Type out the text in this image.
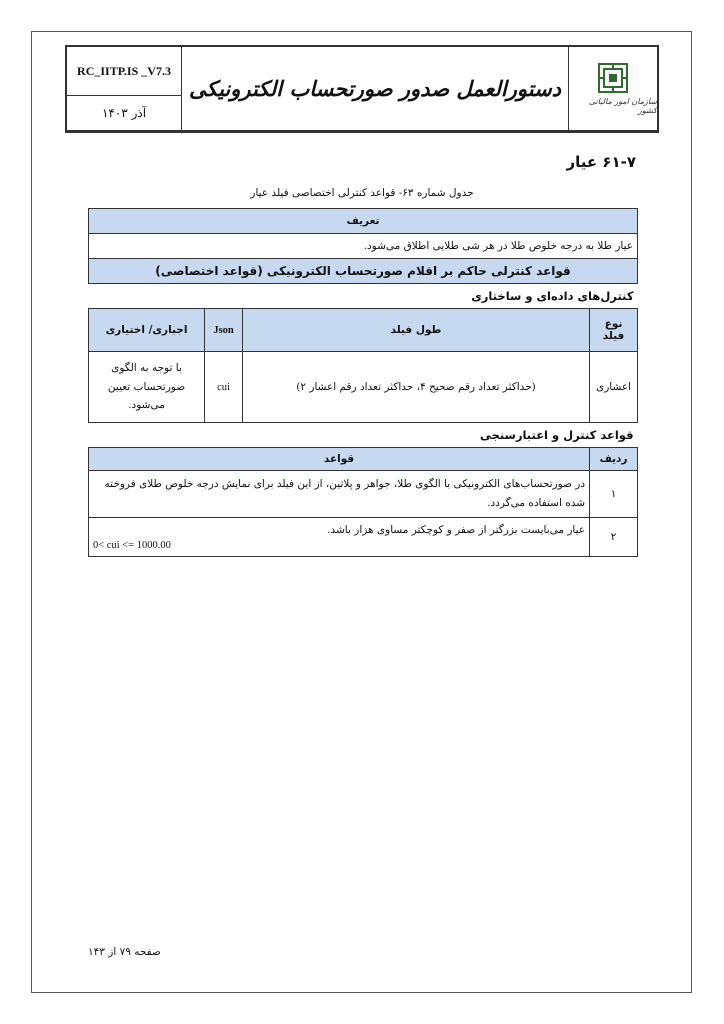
RC_IITP.IS _V7.3
آذر ۱۴۰۳
دستورالعمل صدور صورتحساب الکترونیکی	سازمان امور مالیاتی کشور
۶۱-۷ عیار
جدول شماره ۶۳- قواعد کنترلی اختصاصی فیلد عیار
تعریف			
عیار طلا به درجه خلوص طلا در هر شی طلایی اطلاق می‌شود.			
قواعد کنترلی حاکم بر اقلام صورتحساب الکترونیکی (قواعد اختصاصی)			
کنترل‌های داده‌ای و ساختاری			
نوع فیلد	طول فیلد	Json	اجباری/ اختیاری
اعشاری	(حداکثر تعداد رقم صحیح ۴، حداکثر تعداد رقم اعشار ۲)	cui	با توجه به الگوی صورتحساب تعیین می‌شود.
قواعد کنترل و اعتبارسنجی			
ردیف	قواعد		
۱	در صورتحساب‌های الکترونیکی با الگوی طلا، جواهر و پلاتین، از این فیلد برای نمایش درجه خلوص طلای فروخته شده استفاده می‌گردد.		
۲	عیار می‌بایست بزرگتر از صفر و کوچکتر مساوی هزار باشد.
0< cui <= 1000.00		
صفحه ۷۹ از ۱۴۳
